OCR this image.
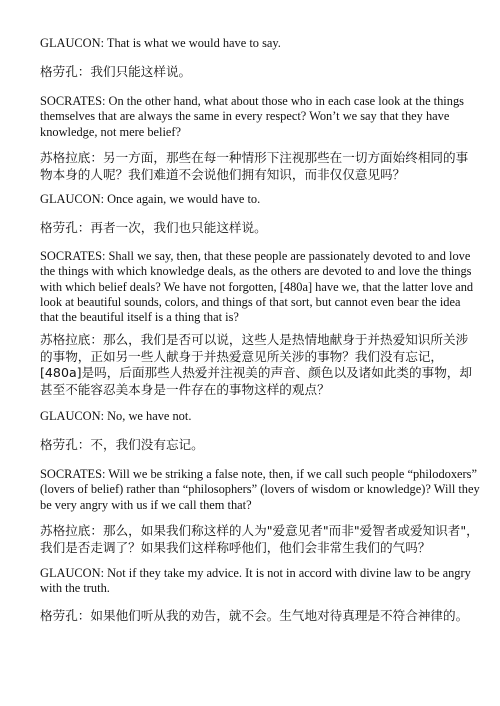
GLAUCON: That is what we would have to say.

格劳孔：我们只能这样说。

SOCRATES: On the other hand, what about those who in each case look at the things themselves that are always the same in every respect? Won’t we say that they have knowledge, not mere belief?

苏格拉底：另一方面，那些在每一种情形下注视那些在一切方面始终相同的事物本身的人呢？我们难道不会说他们拥有知识，而非仅仅意见吗？

GLAUCON: Once again, we would have to.

格劳孔：再者一次，我们也只能这样说。

SOCRATES: Shall we say, then, that these people are passionately devoted to and love the things with which knowledge deals, as the others are devoted to and love the things with which belief deals? We have not forgotten, [480a] have we, that the latter love and look at beautiful sounds, colors, and things of that sort, but cannot even bear the idea that the beautiful itself is a thing that is?

苏格拉底：那么，我们是否可以说，这些人是热情地献身于并热爱知识所关涉的事物，正如另一些人献身于并热爱意见所关涉的事物？我们没有忘记，[480a]是吗，后面那些人热爱并注视美的声音、颜色以及诸如此类的事物，却甚至不能容忍美本身是一件存在的事物这样的观点？

GLAUCON: No, we have not.

格劳孔：不，我们没有忘记。

SOCRATES: Will we be striking a false note, then, if we call such people “philodoxers” (lovers of belief) rather than “philosophers” (lovers of wisdom or knowledge)? Will they be very angry with us if we call them that?

苏格拉底：那么，如果我们称这样的人为"爱意见者"而非"爱智者或爱知识者"，我们是否走调了？如果我们这样称呼他们，他们会非常生我们的气吗？

GLAUCON: Not if they take my advice. It is not in accord with divine law to be angry with the truth.

格劳孔：如果他们听从我的劝告，就不会。生气地对待真理是不符合神律的。
